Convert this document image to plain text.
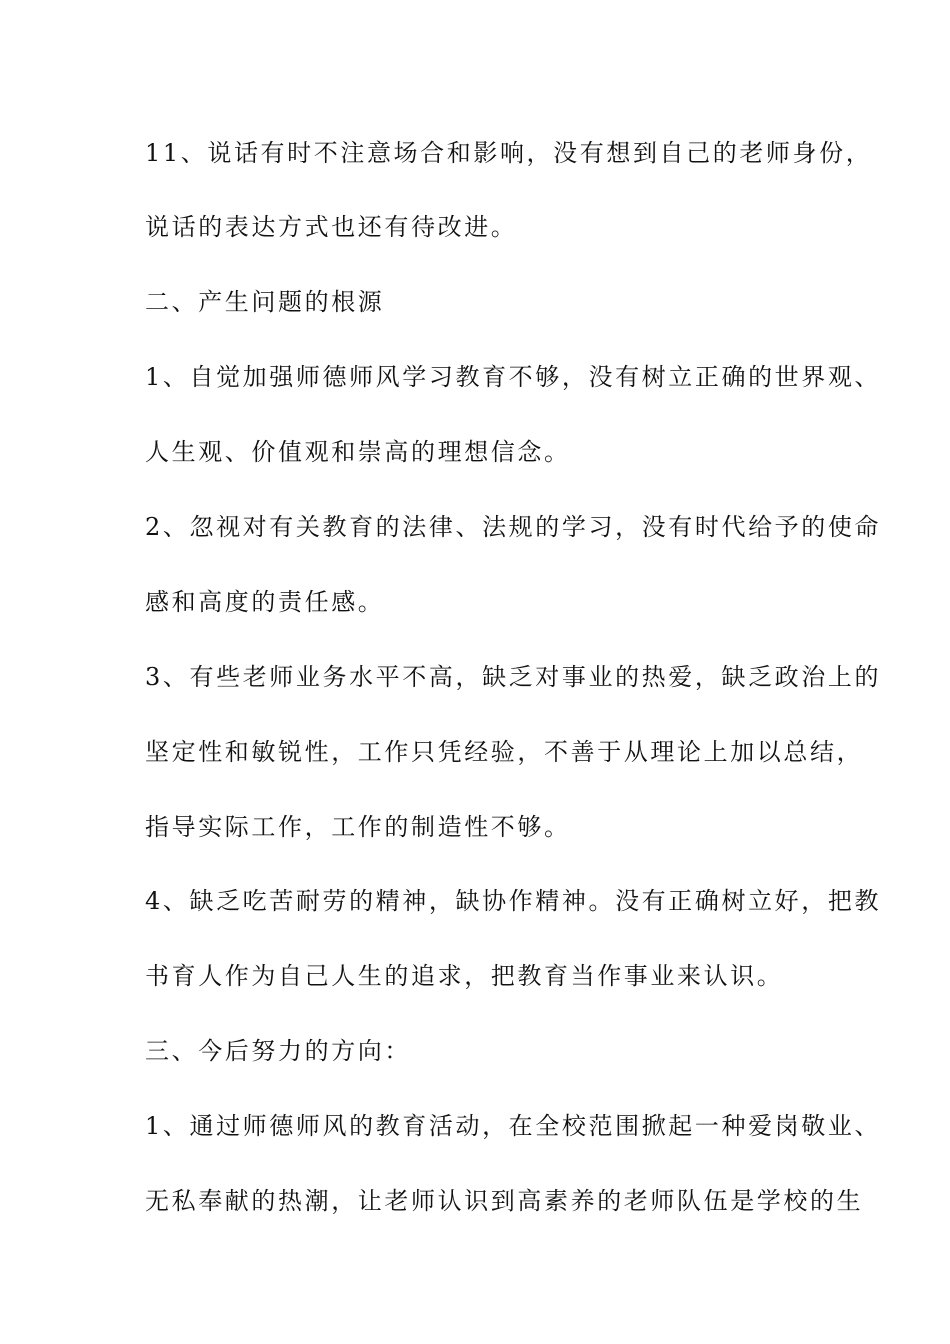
11、说话有时不注意场合和影响，没有想到自己的老师身份，
说话的表达方式也还有待改进。
二、产生问题的根源
1、自觉加强师德师风学习教育不够，没有树立正确的世界观、
人生观、价值观和崇高的理想信念。
2、忽视对有关教育的法律、法规的学习，没有时代给予的使命
感和高度的责任感。
3、有些老师业务水平不高，缺乏对事业的热爱，缺乏政治上的
坚定性和敏锐性，工作只凭经验，不善于从理论上加以总结，
指导实际工作，工作的制造性不够。
4、缺乏吃苦耐劳的精神，缺协作精神。没有正确树立好，把教
书育人作为自己人生的追求，把教育当作事业来认识。
三、今后努力的方向：
1、通过师德师风的教育活动，在全校范围掀起一种爱岗敬业、
无私奉献的热潮，让老师认识到高素养的老师队伍是学校的生
